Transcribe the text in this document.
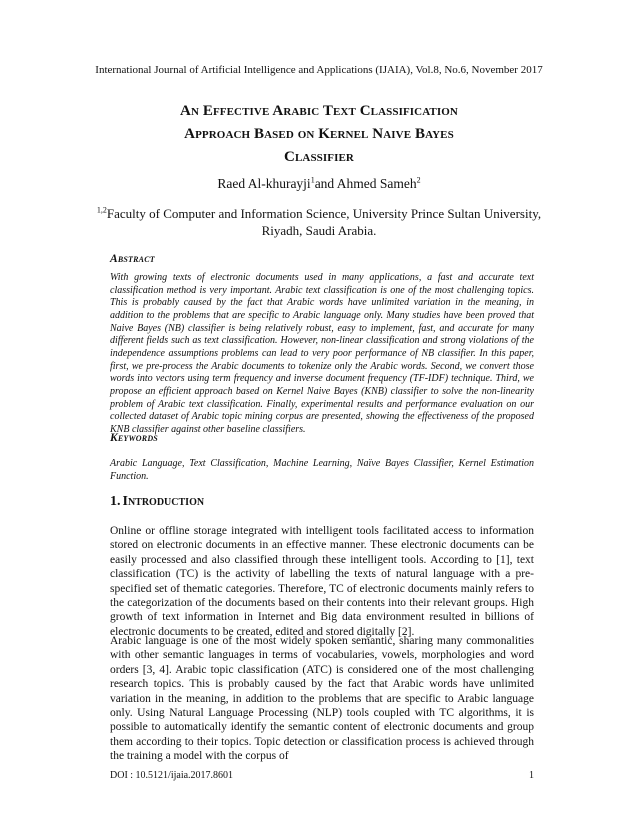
International Journal of Artificial Intelligence and Applications (IJAIA), Vol.8, No.6, November 2017
An Effective Arabic Text Classification
Approach Based on Kernel Naive Bayes
Classifier
Raed Al-khurayji$^1$and Ahmed Sameh$^2$
$^{1,2}$Faculty of Computer and Information Science, University Prince Sultan University,
Riyadh, Saudi Arabia.
Abstract
With growing texts of electronic documents used in many applications, a fast and accurate text classification method is very important. Arabic text classification is one of the most challenging topics. This is probably caused by the fact that Arabic words have unlimited variation in the meaning, in addition to the problems that are specific to Arabic language only. Many studies have been proved that Naive Bayes (NB) classifier is being relatively robust, easy to implement, fast, and accurate for many different fields such as text classification. However, non-linear classification and strong violations of the independence assumptions problems can lead to very poor performance of NB classifier. In this paper, first, we pre-process the Arabic documents to tokenize only the Arabic words. Second, we convert those words into vectors using term frequency and inverse document frequency (TF-IDF) technique. Third, we propose an efficient approach based on Kernel Naive Bayes (KNB) classifier to solve the non-linearity problem of Arabic text classification. Finally, experimental results and performance evaluation on our collected dataset of Arabic topic mining corpus are presented, showing the effectiveness of the proposed KNB classifier against other baseline classifiers.
Keywords
Arabic Language, Text Classification, Machine Learning, Naïve Bayes Classifier, Kernel Estimation Function.
1. Introduction
Online or offline storage integrated with intelligent tools facilitated access to information stored on electronic documents in an effective manner. These electronic documents can be easily processed and also classified through these intelligent tools. According to [1], text classification (TC) is the activity of labelling the texts of natural language with a pre-specified set of thematic categories. Therefore, TC of electronic documents mainly refers to the categorization of the documents based on their contents into their relevant groups. High growth of text information in Internet and Big data environment resulted in billions of electronic documents to be created, edited and stored digitally [2].
Arabic language is one of the most widely spoken semantic, sharing many commonalities with other semantic languages in terms of vocabularies, vowels, morphologies and word orders [3, 4]. Arabic topic classification (ATC) is considered one of the most challenging research topics. This is probably caused by the fact that Arabic words have unlimited variation in the meaning, in addition to the problems that are specific to Arabic language only. Using Natural Language Processing (NLP) tools coupled with TC algorithms, it is possible to automatically identify the semantic content of electronic documents and group them according to their topics. Topic detection or classification process is achieved through the training a model with the corpus of
DOI : 10.5121/ijaia.2017.8601	1
